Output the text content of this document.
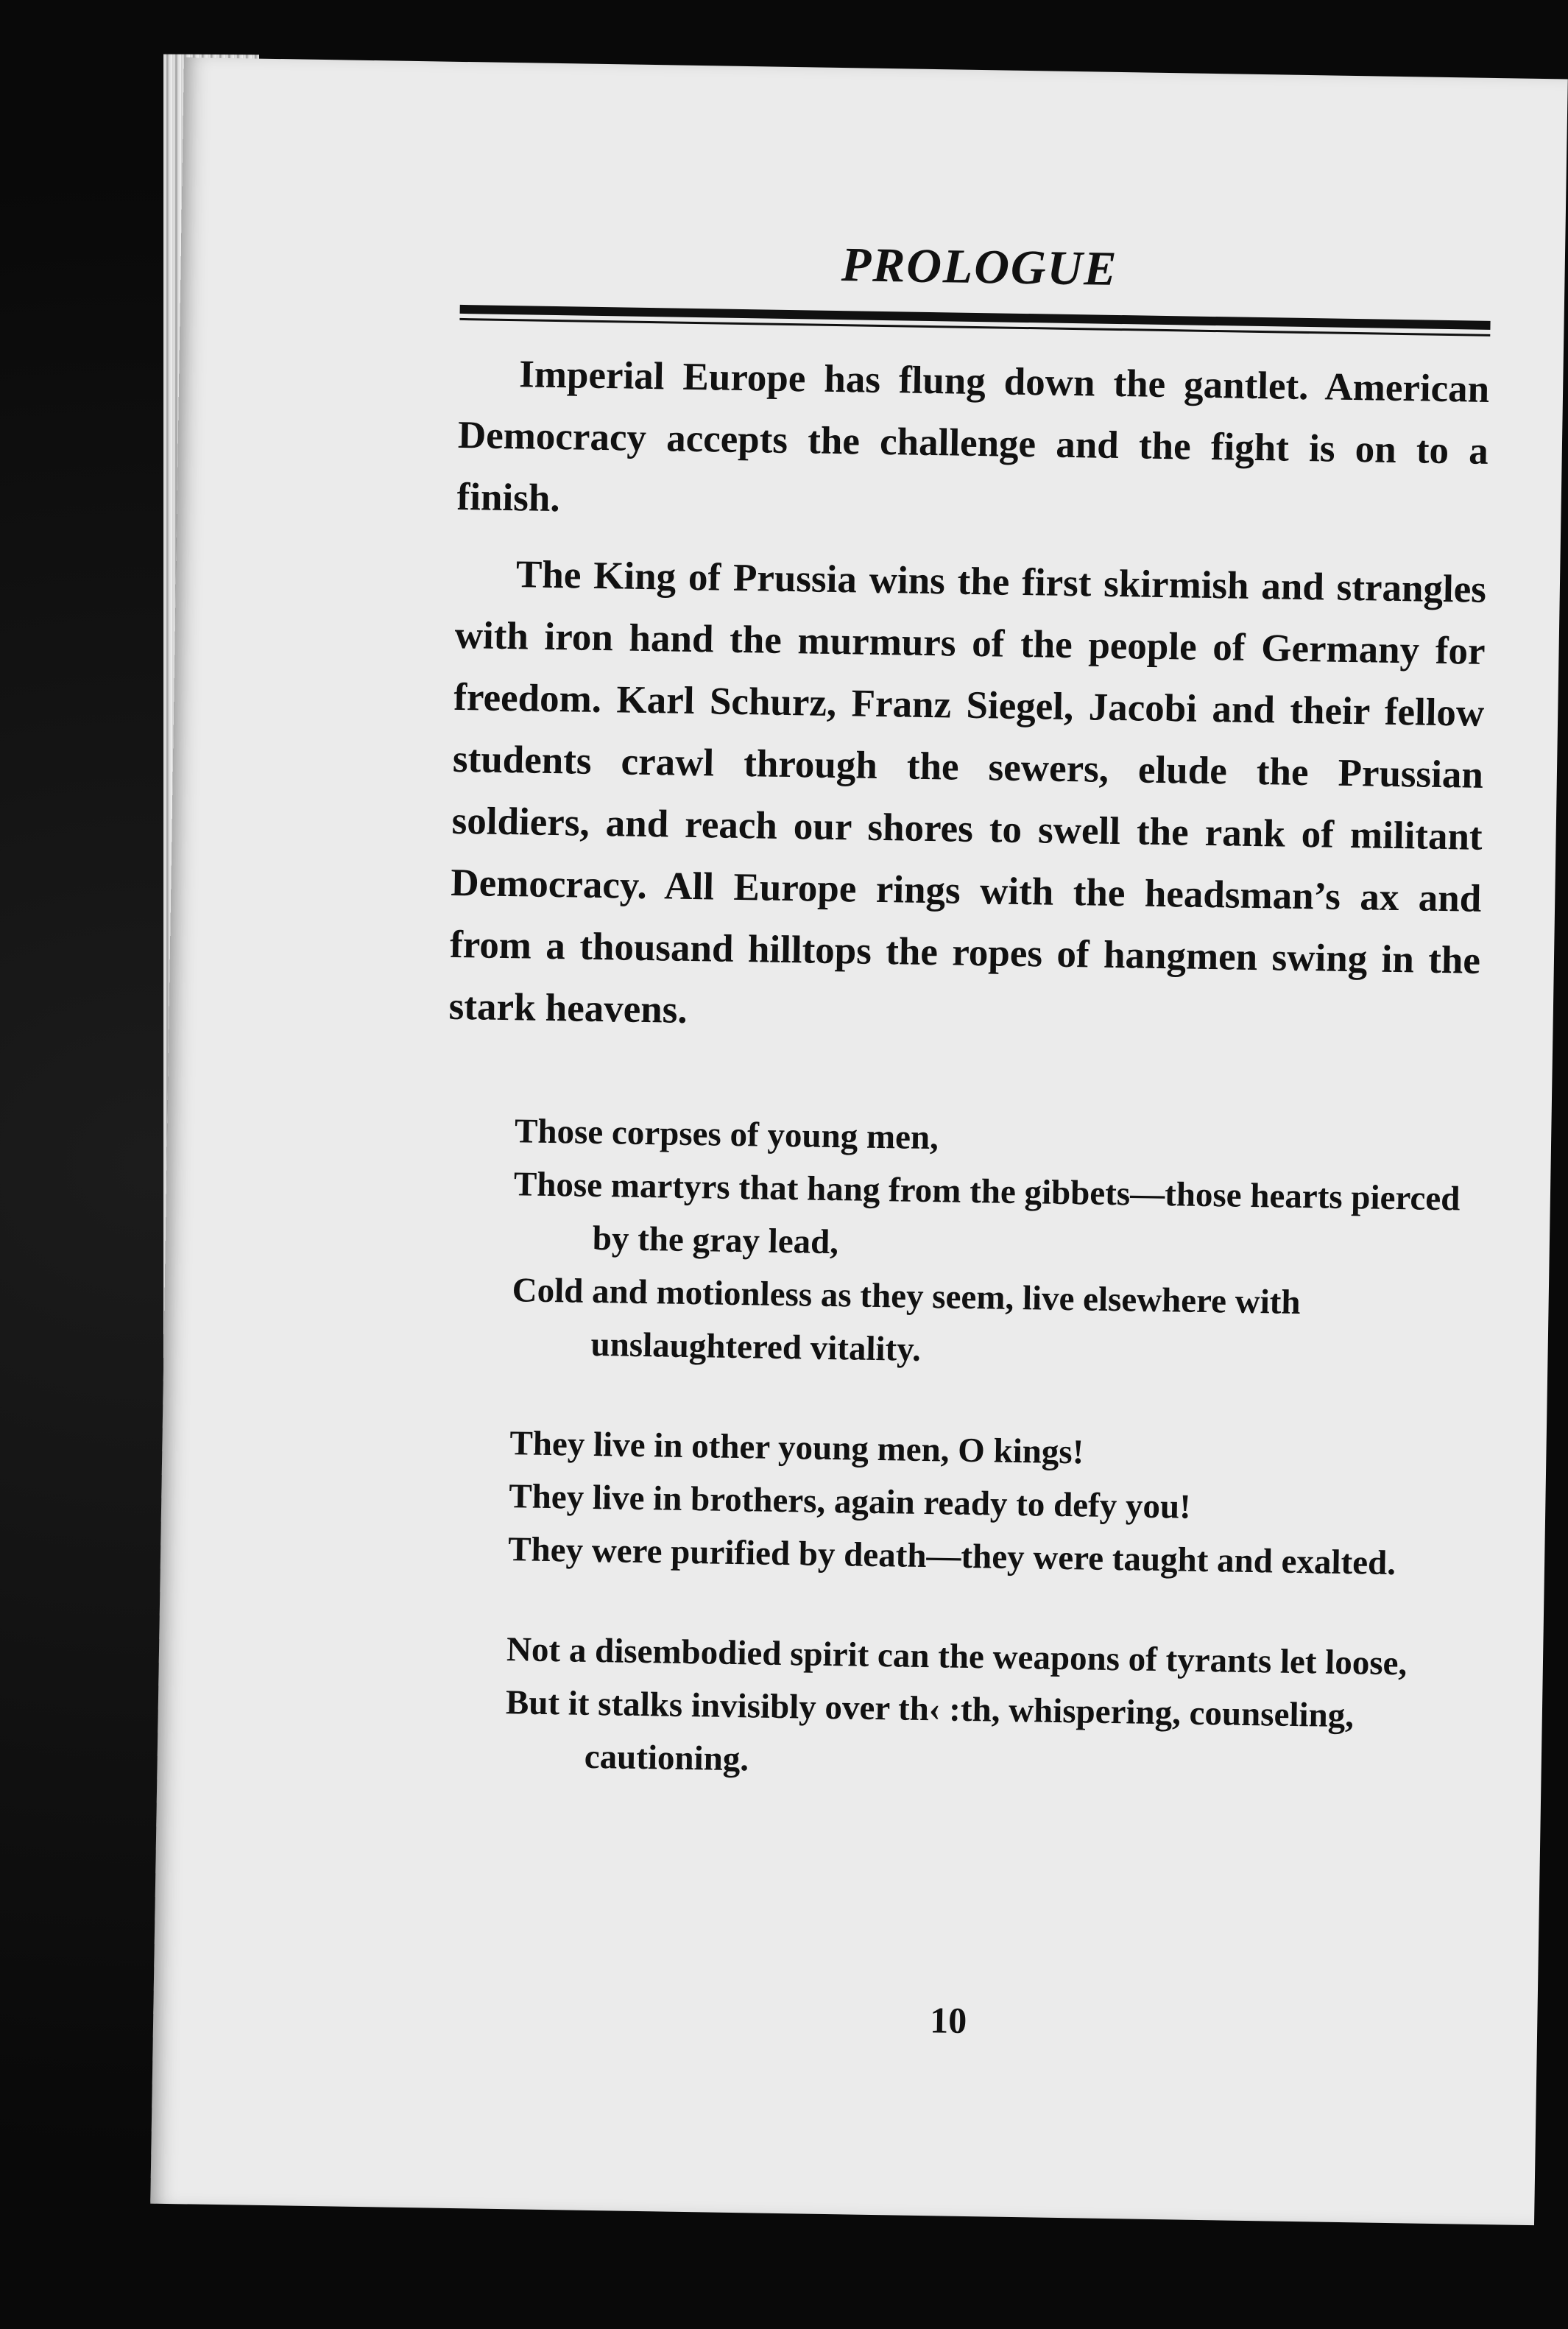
PROLOGUE

Imperial Europe has flung down the gantlet. American Democracy accepts the challenge and the fight is on to a finish.

The King of Prussia wins the first skirmish and strangles with iron hand the murmurs of the people of Germany for freedom. Karl Schurz, Franz Siegel, Jacobi and their fellow students crawl through the sewers, elude the Prussian soldiers, and reach our shores to swell the rank of militant Democracy. All Europe rings with the headsman’s ax and from a thousand hilltops the ropes of hangmen swing in the stark heavens.

Those corpses of young men,
Those martyrs that hang from the gibbets—those hearts pierced by the gray lead,
Cold and motionless as they seem, live elsewhere with unslaughtered vitality.
They live in other young men, O kings!
They live in brothers, again ready to defy you!
They were purified by death—they were taught and exalted.
Not a disembodied spirit can the weapons of tyrants let loose,
But it stalks invisibly over th‹ :th, whispering, counseling, cautioning.
10
